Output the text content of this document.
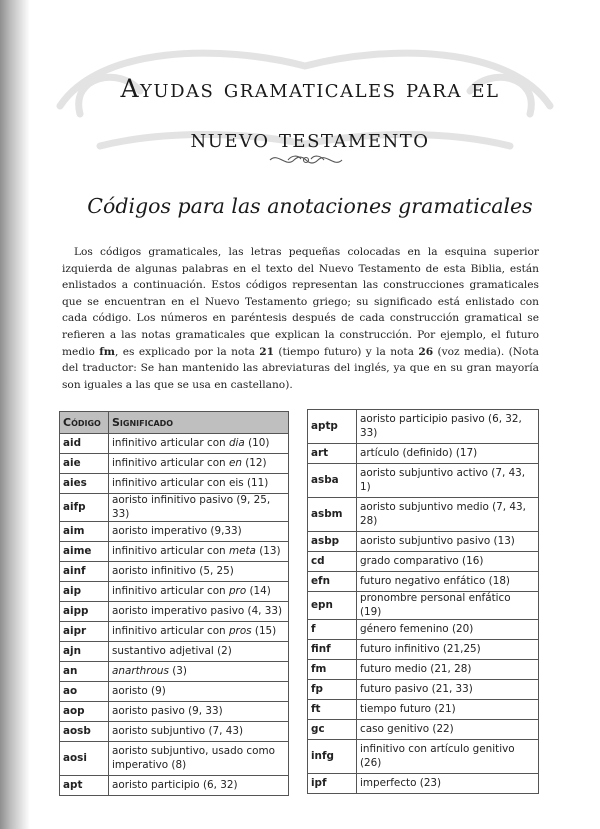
Ayudas gramaticales para el
nuevo testamento
Códigos para las anotaciones gramaticales
Los códigos gramaticales, las letras pequeñas colocadas en la esquina superior izquierda de algunas palabras en el texto del Nuevo Testamento de esta Biblia, están enlistados a continuación. Estos códigos representan las construcciones gramaticales que se encuentran en el Nuevo Testamento griego; su significado está enlistado con cada código. Los números en paréntesis después de cada construcción gramatical se refieren a las notas gramaticales que explican la construcción. Por ejemplo, el futuro medio fm, es explicado por la nota 21 (tiempo futuro) y la nota 26 (voz media). (Nota del traductor: Se han mantenido las abreviaturas del inglés, ya que en su gran mayoría son iguales a las que se usa en castellano).
Código	Significado
aid	infinitivo articular con dia (10)
aie	infinitivo articular con en (12)
aies	infinitivo articular con eis (11)
aifp	aoristo infinitivo pasivo (9, 25, 33)
aim	aoristo imperativo (9,33)
aime	infinitivo articular con meta (13)
ainf	aoristo infinitivo (5, 25)
aip	infinitivo articular con pro (14)
aipp	aoristo imperativo pasivo (4, 33)
aipr	infinitivo articular con pros (15)
ajn	sustantivo adjetival (2)
an	anarthrous (3)
ao	aoristo (9)
aop	aoristo pasivo (9, 33)
aosb	aoristo subjuntivo (7, 43)
aosi	aoristo subjuntivo, usado como imperativo (8)
apt	aoristo participio (6, 32)
aptp	aoristo participio pasivo (6, 32, 33)
art	artículo (definido) (17)
asba	aoristo subjuntivo activo (7, 43, 1)
asbm	aoristo subjuntivo medio (7, 43, 28)
asbp	aoristo subjuntivo pasivo (13)
cd	grado comparativo (16)
efn	futuro negativo enfático (18)
epn	pronombre personal enfático (19)
f	género femenino (20)
finf	futuro infinitivo (21,25)
fm	futuro medio (21, 28)
fp	futuro pasivo (21, 33)
ft	tiempo futuro (21)
gc	caso genitivo (22)
infg	infinitivo con artículo genitivo (26)
ipf	imperfecto (23)
